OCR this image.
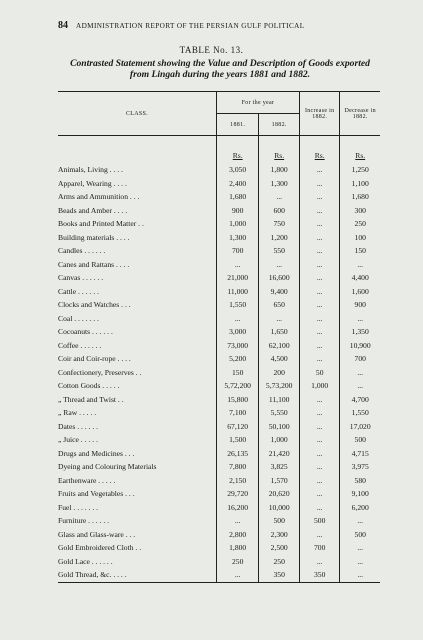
84 ADMINISTRATION REPORT OF THE PERSIAN GULF POLITICAL
TABLE No. 13.
Contrasted Statement showing the Value and Description of Goods exported
from Lingah during the years 1881 and 1882.
CLASS.	For the year		Increase in 1882.	Decrease in 1882.
	1881.	1882.		
	Rs.	Rs.	Rs.	Rs.
Animals, Living . . . .	3,050	1,800	...	1,250
Apparel, Wearing . . . .	2,400	1,300	...	1,100
Arms and Ammunition . . .	1,680	...	...	1,680
Beads and Amber . . . .	900	600	...	300
Books and Printed Matter . .	1,000	750	...	250
Building materials . . . .	1,300	1,200	...	100
Candles . . . . . .	700	550	...	150
Canes and Rattans . . . .	...	...	...	...
Canvas . . . . . .	21,000	16,600	...	4,400
Cattle . . . . . .	11,000	9,400	...	1,600
Clocks and Watches . . .	1,550	650	...	900
Coal . . . . . . .	...	...	...	...
Cocoanuts . . . . . .	3,000	1,650	...	1,350
Coffee . . . . . .	73,000	62,100	...	10,900
Coir and Coir-rope . . . .	5,200	4,500	...	700
Confectionery, Preserves . .	150	200	50	...
Cotton Goods . . . . .	5,72,200	5,73,200	1,000	...
„ Thread and Twist . .	15,800	11,100	...	4,700
„ Raw . . . . .	7,100	5,550	...	1,550
Dates . . . . . .	67,120	50,100	...	17,020
„ Juice . . . . .	1,500	1,000	...	500
Drugs and Medicines . . .	26,135	21,420	...	4,715
Dyeing and Colouring Materials	7,800	3,825	...	3,975
Earthenware . . . . .	2,150	1,570	...	580
Fruits and Vegetables . . .	29,720	20,620	...	9,100
Fuel . . . . . . .	16,200	10,000	...	6,200
Furniture . . . . . .	...	500	500	...
Glass and Glass-ware . . .	2,800	2,300	...	500
Gold Embroidered Cloth . .	1,800	2,500	700	...
Gold Lace . . . . . .	250	250	...	...
Gold Thread, &c. . . . .	...	350	350	...
